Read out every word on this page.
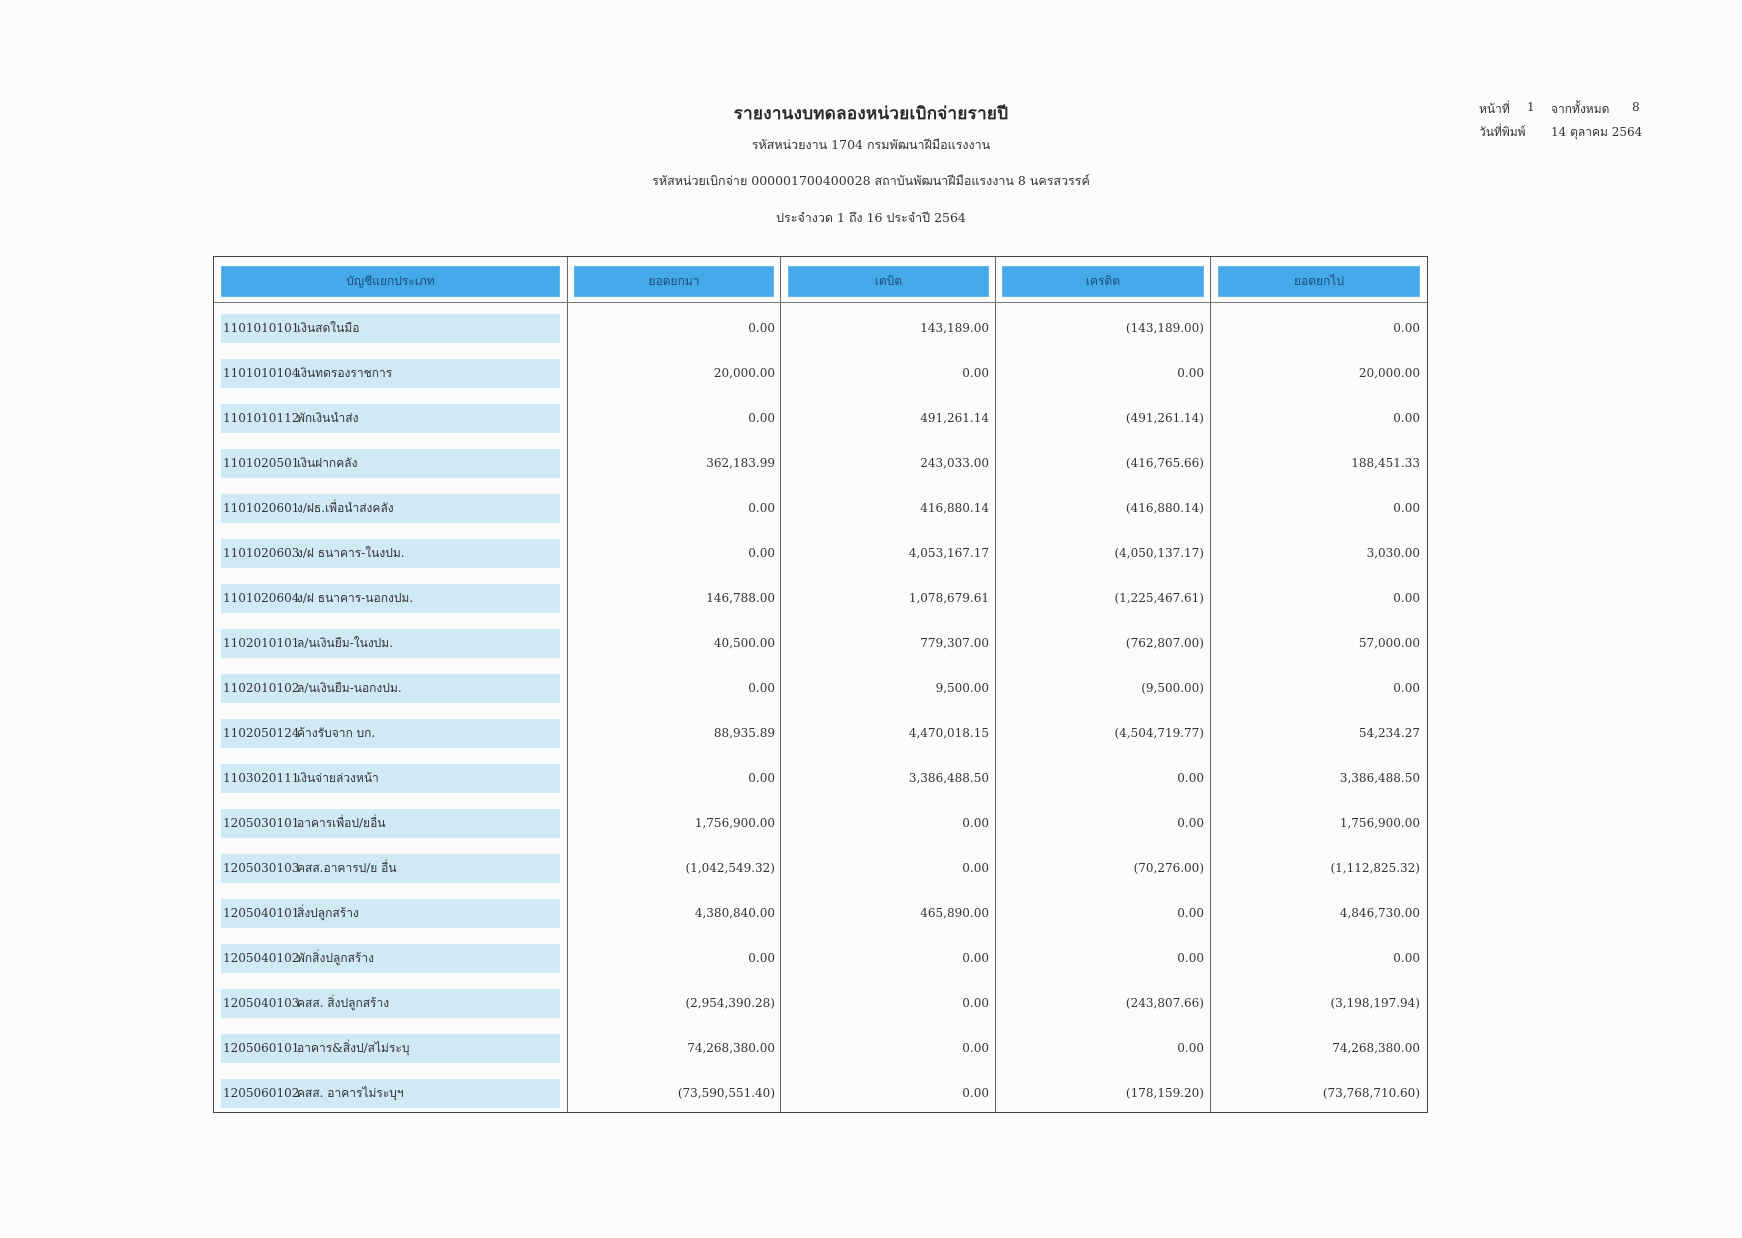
รายงานงบทดลองหน่วยเบิกจ่ายรายปี
รหัสหน่วยงาน 1704 กรมพัฒนาฝีมือแรงงาน
รหัสหน่วยเบิกจ่าย 000001700400028 สถาบันพัฒนาฝีมือแรงงาน 8 นครสวรรค์
ประจำงวด 1 ถึง 16 ประจำปี 2564
หน้าที่ 1 จากทั้งหมด 8
วันที่พิมพ์ 14 ตุลาคม 2564
บัญชีแยกประเภท	ยอดยกมา	เดบิต	เครดิต	ยอดยกไป
1101010101เงินสดในมือ	0.00	143,189.00	(143,189.00)	0.00
1101010104เงินทดรองราชการ	20,000.00	0.00	0.00	20,000.00
1101010112พักเงินนำส่ง	0.00	491,261.14	(491,261.14)	0.00
1101020501เงินฝากคลัง	362,183.99	243,033.00	(416,765.66)	188,451.33
1101020601ง/ฝธ.เพื่อนำส่งคลัง	0.00	416,880.14	(416,880.14)	0.00
1101020603ง/ฝ ธนาคาร-ในงปม.	0.00	4,053,167.17	(4,050,137.17)	3,030.00
1101020604ง/ฝ ธนาคาร-นอกงปม.	146,788.00	1,078,679.61	(1,225,467.61)	0.00
1102010101ล/นเงินยืม-ในงปม.	40,500.00	779,307.00	(762,807.00)	57,000.00
1102010102ล/นเงินยืม-นอกงปม.	0.00	9,500.00	(9,500.00)	0.00
1102050124ค้างรับจาก บก.	88,935.89	4,470,018.15	(4,504,719.77)	54,234.27
1103020111เงินจ่ายล่วงหน้า	0.00	3,386,488.50	0.00	3,386,488.50
1205030101อาคารเพื่อป/ยอื่น	1,756,900.00	0.00	0.00	1,756,900.00
1205030103คสส.อาคารป/ย อื่น	(1,042,549.32)	0.00	(70,276.00)	(1,112,825.32)
1205040101สิ่งปลูกสร้าง	4,380,840.00	465,890.00	0.00	4,846,730.00
1205040102พักสิ่งปลูกสร้าง	0.00	0.00	0.00	0.00
1205040103คสส. สิ่งปลูกสร้าง	(2,954,390.28)	0.00	(243,807.66)	(3,198,197.94)
1205060101อาคาร&สิ่งป/สไม่ระบุ	74,268,380.00	0.00	0.00	74,268,380.00
1205060102คสส. อาคารไม่ระบุฯ	(73,590,551.40)	0.00	(178,159.20)	(73,768,710.60)
